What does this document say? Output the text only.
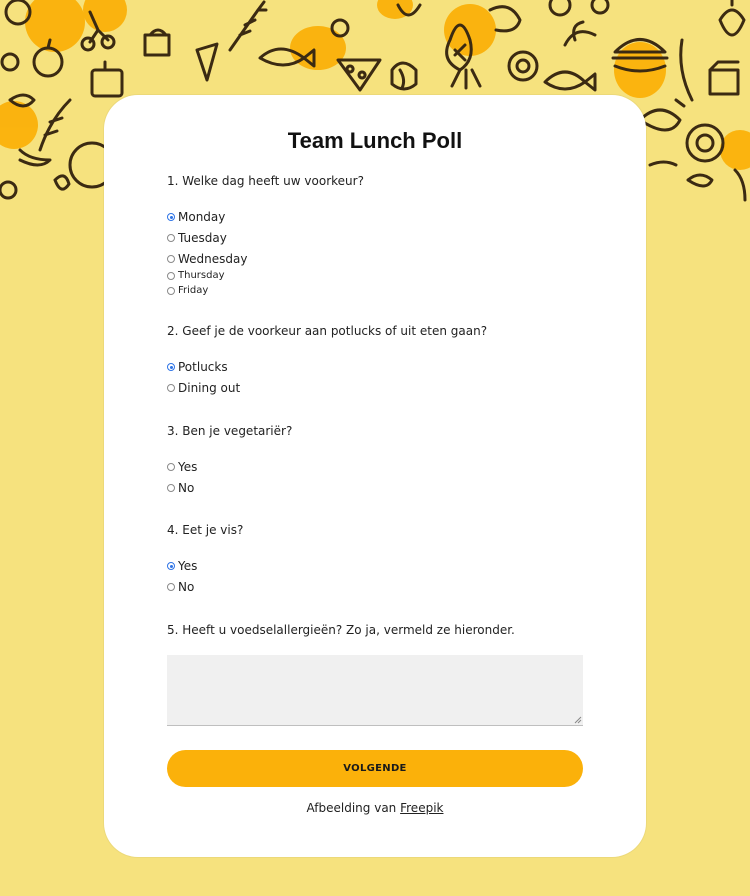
Team Lunch Poll
1. Welke dag heeft uw voorkeur?
Monday
Tuesday
Wednesday
Thursday
Friday
2. Geef je de voorkeur aan potlucks of uit eten gaan?
Potlucks
Dining out
3. Ben je vegetariër?
Yes
No
4. Eet je vis?
Yes
No
5. Heeft u voedselallergieën? Zo ja, vermeld ze hieronder.
VOLGENDE
Afbeelding van Freepik
